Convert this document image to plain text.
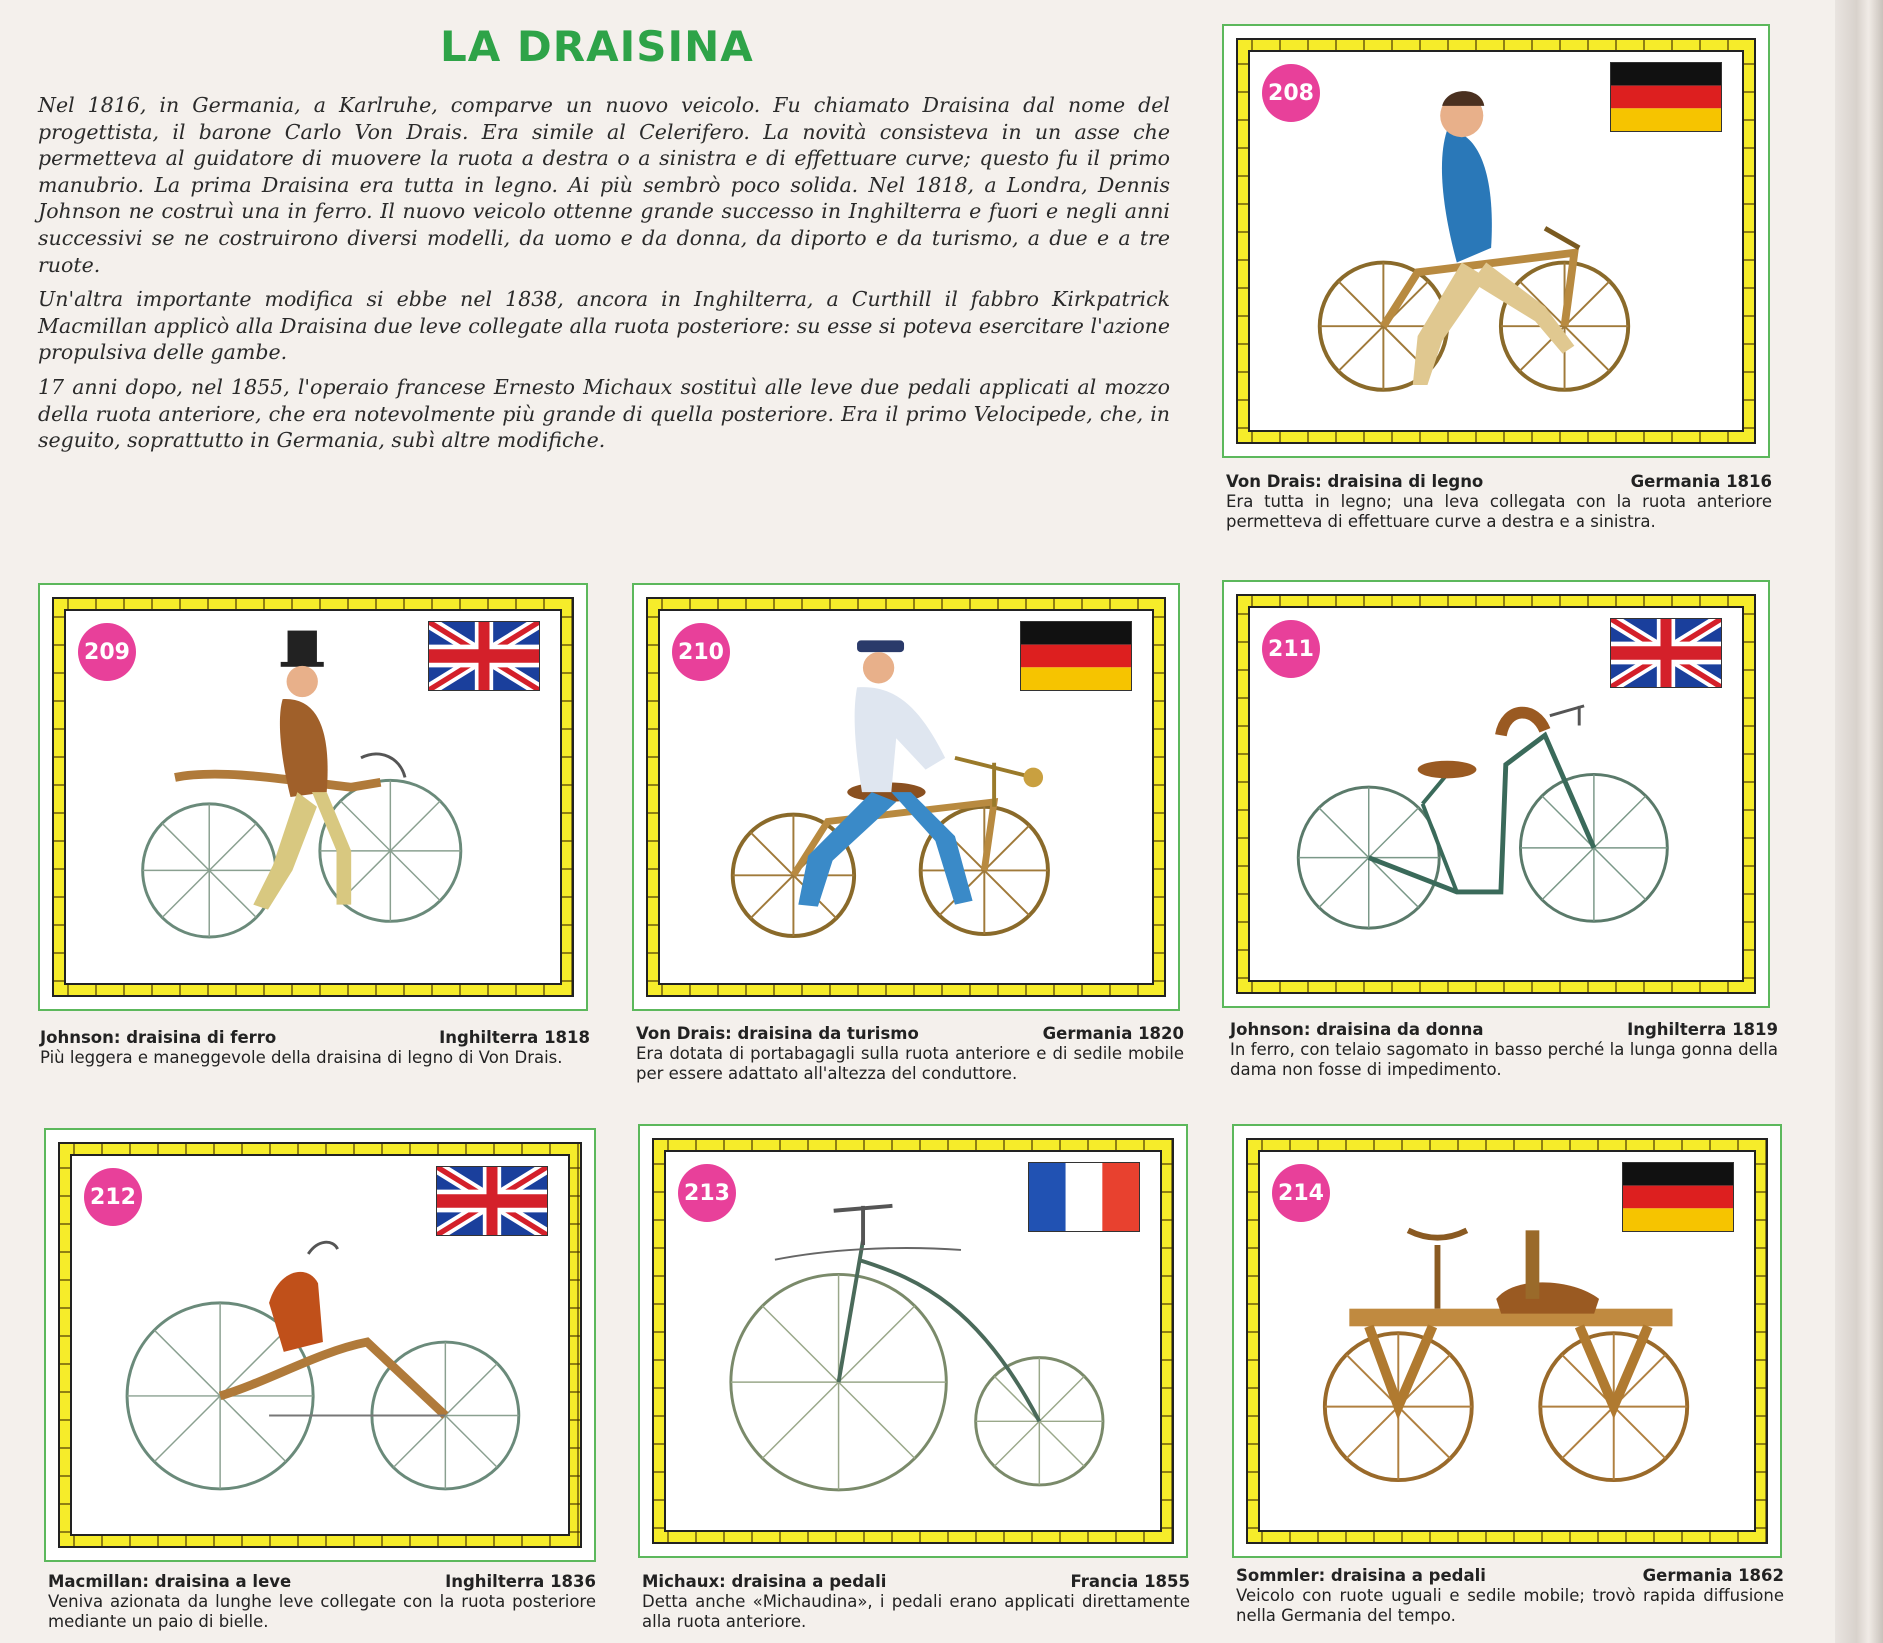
LA DRAISINA

Nel 1816, in Germania, a Karlruhe, comparve un nuovo veicolo. Fu chiamato Draisina dal nome del progettista, il barone Carlo Von Drais. Era simile al Celerifero. La novità consisteva in un asse che permetteva al guidatore di muovere la ruota a destra o a sinistra e di effettuare curve; questo fu il primo manubrio. La prima Draisina era tutta in legno. Ai più sembrò poco solida. Nel 1818, a Londra, Dennis Johnson ne costruì una in ferro. Il nuovo veicolo ottenne grande successo in Inghilterra e fuori e negli anni successivi se ne costruirono diversi modelli, da uomo e da donna, da diporto e da turismo, a due e a tre ruote.

Un'altra importante modifica si ebbe nel 1838, ancora in Inghilterra, a Curthill il fabbro Kirkpatrick Macmillan applicò alla Draisina due leve collegate alla ruota posteriore: su esse si poteva esercitare l'azione propulsiva delle gambe.

17 anni dopo, nel 1855, l'operaio francese Ernesto Michaux sostituì alle leve due pedali applicati al mozzo della ruota anteriore, che era notevolmente più grande di quella posteriore. Era il primo Velocipede, che, in seguito, soprattutto in Germania, subì altre modifiche.

208
Von Drais: draisina di legno	Germania 1816
Era tutta in legno; una leva collegata con la ruota anteriore permetteva di effettuare curve a destra e a sinistra.
209
Johnson: draisina di ferro	Inghilterra 1818
Più leggera e maneggevole della draisina di legno di Von Drais.
210
Von Drais: draisina da turismo	Germania 1820
Era dotata di portabagagli sulla ruota anteriore e di sedile mobile per essere adattato all'altezza del conduttore.
211
Johnson: draisina da donna	Inghilterra 1819
In ferro, con telaio sagomato in basso perché la lunga gonna della dama non fosse di impedimento.
212
Macmillan: draisina a leve	Inghilterra 1836
Veniva azionata da lunghe leve collegate con la ruota posteriore mediante un paio di bielle.
213
Michaux: draisina a pedali	Francia 1855
Detta anche «Michaudina», i pedali erano applicati direttamente alla ruota anteriore.
214
Sommler: draisina a pedali	Germania 1862
Veicolo con ruote uguali e sedile mobile; trovò rapida diffusione nella Germania del tempo.
